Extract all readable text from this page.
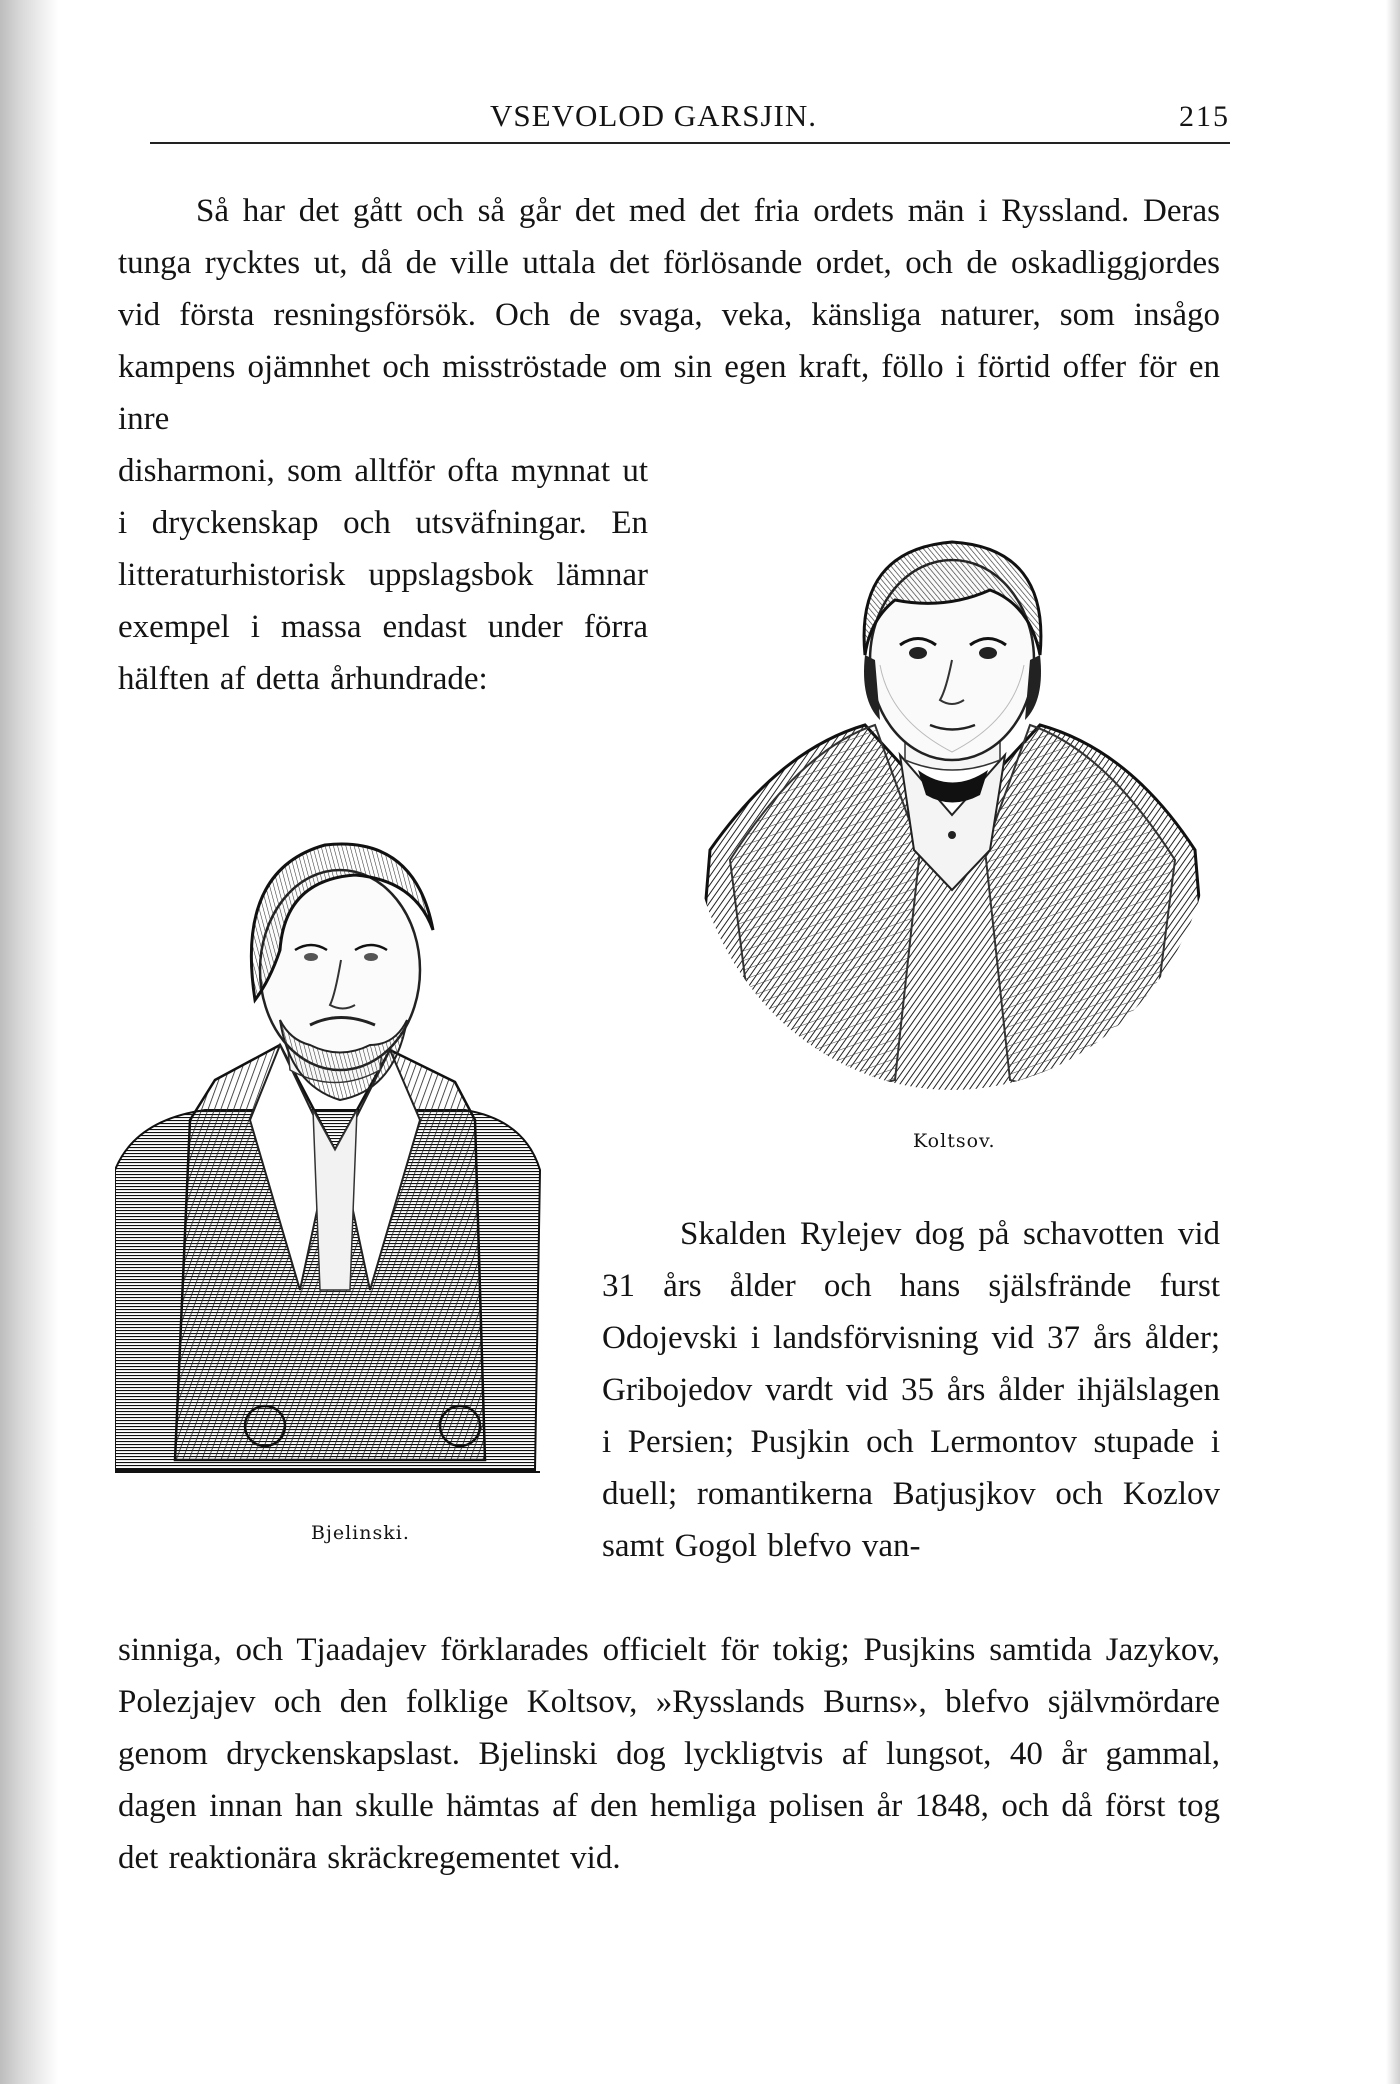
VSEVOLOD GARSJIN.	215

Så har det gått och så går det med det fria ordets män i Ryssland. Deras tunga rycktes ut, då de ville uttala det förlösande ordet, och de oskadliggjordes vid första resningsförsök. Och de svaga, veka, känsliga naturer, som insågo kampens ojämnhet och misströstade om sin egen kraft, föllo i förtid offer för en inre

disharmoni, som alltför ofta mynnat ut i dryckenskap och utsväfningar. En litteraturhistorisk uppslagsbok lämnar exempel i massa endast under förra hälften af detta århundrade:

Koltsov.
Bjelinski.

Skalden Rylejev dog på schavotten vid 31 års ålder och hans själsfrände furst Odojevski i landsförvisning vid 37 års ålder; Gribojedov vardt vid 35 års ålder ihjälslagen i Persien; Pusjkin och Lermontov stupade i duell; romantikerna Batjusjkov och Kozlov samt Gogol blefvo van-

sinniga, och Tjaadajev förklarades officielt för tokig; Pusjkins samtida Jazykov, Polezjajev och den folklige Koltsov, »Rysslands Burns», blefvo självmördare genom dryckenskapslast. Bjelinski dog lyckligtvis af lungsot, 40 år gammal, dagen innan han skulle hämtas af den hemliga polisen år 1848, och då först tog det reaktionära skräckregementet vid.
